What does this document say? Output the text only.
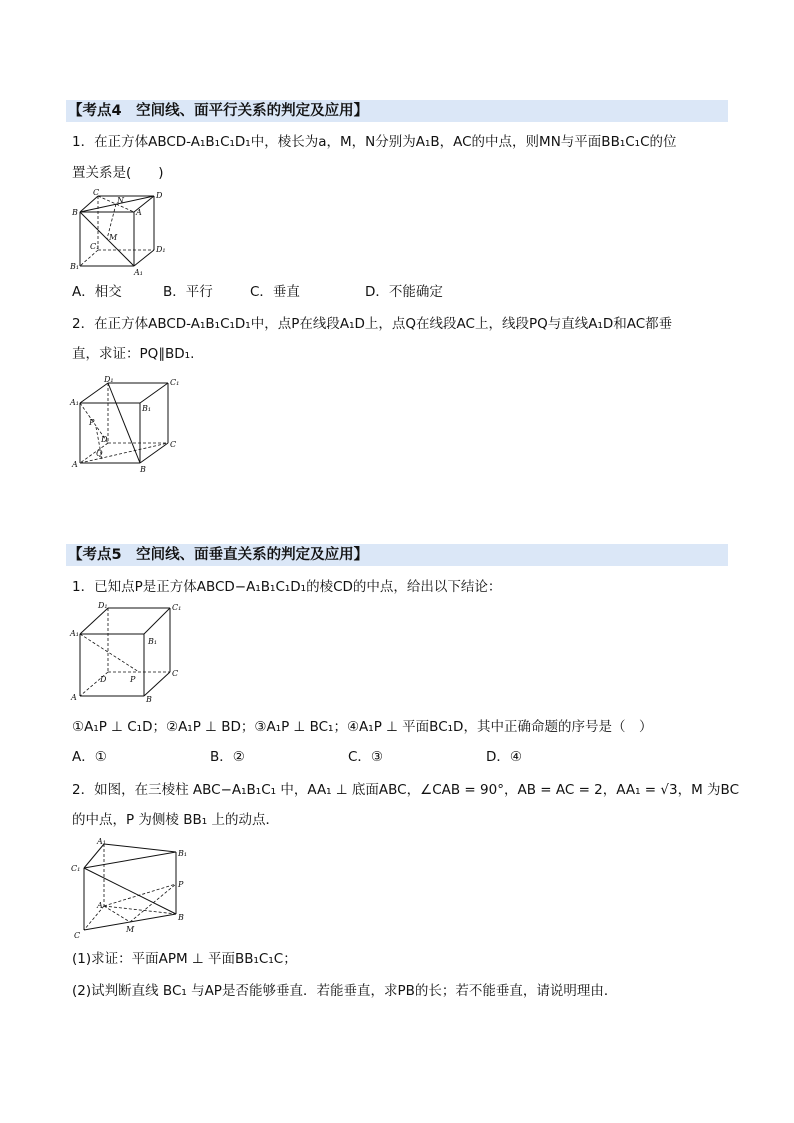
【考点4　空间线、面平行关系的判定及应用】
1．在正方体ABCD-A₁B₁C₁D₁中，棱长为a，M，N分别为A₁B，AC的中点，则MN与平面BB₁C₁C的位
置关系是(　　)
C
N
D
B	A
M
C₁	D₁
B₁
A₁
A．相交	B．平行	C．垂直	D．不能确定
2．在正方体ABCD-A₁B₁C₁D₁中，点P在线段A₁D上，点Q在线段AC上，线段PQ与直线A₁D和AC都垂
直，求证：PQ∥BD₁.
D₁	C₁
A₁
B₁
P
D
C
Q
A
B
【考点5　空间线、面垂直关系的判定及应用】
1．已知点P是正方体ABCD−A₁B₁C₁D₁的棱CD的中点，给出以下结论：
D₁	C₁
A₁
B₁
D	P
C
A	B
①A₁P ⊥ C₁D；②A₁P ⊥ BD；③A₁P ⊥ BC₁；④A₁P ⊥ 平面BC₁D，其中正确命题的序号是（　）
A．①	B．②	C．③	D．④
2．如图，在三棱柱 ABC−A₁B₁C₁ 中，AA₁ ⊥ 底面ABC，∠CAB = 90°，AB = AC = 2，AA₁ = √3，M 为BC
的中点，P 为侧棱 BB₁ 上的动点．
A₁
B₁
C₁
P
A
B
C
M
(1)求证：平面APM ⊥ 平面BB₁C₁C；
(2)试判断直线 BC₁ 与AP是否能够垂直．若能垂直，求PB的长；若不能垂直，请说明理由．
